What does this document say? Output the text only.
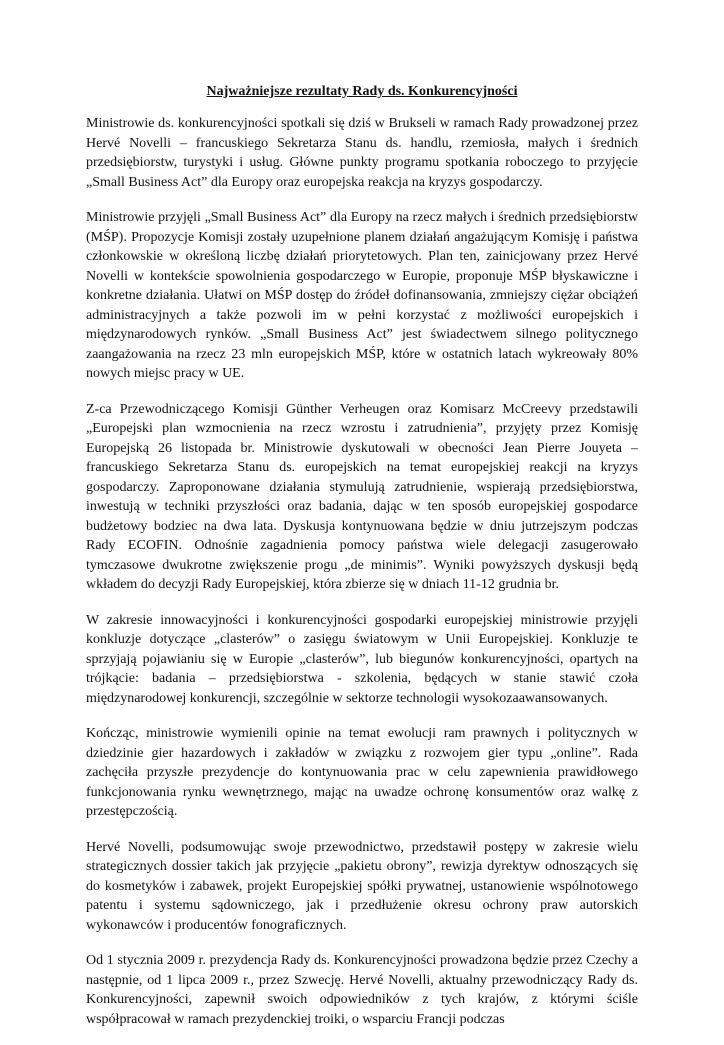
Najważniejsze rezultaty Rady ds. Konkurencyjności

Ministrowie ds. konkurencyjności spotkali się dziś w Brukseli w ramach Rady prowadzonej przez Hervé Novelli – francuskiego Sekretarza Stanu ds. handlu, rzemiosła, małych i średnich przedsiębiorstw, turystyki i usług. Główne punkty programu spotkania roboczego to przyjęcie „Small Business Act” dla Europy oraz europejska reakcja na kryzys gospodarczy.

Ministrowie przyjęli „Small Business Act” dla Europy na rzecz małych i średnich przedsiębiorstw (MŚP). Propozycje Komisji zostały uzupełnione planem działań angażującym Komisję i państwa członkowskie w określoną liczbę działań priorytetowych. Plan ten, zainicjowany przez Hervé Novelli w kontekście spowolnienia gospodarczego w Europie, proponuje MŚP błyskawiczne i konkretne działania. Ułatwi on MŚP dostęp do źródeł dofinansowania, zmniejszy ciężar obciążeń administracyjnych a także pozwoli im w pełni korzystać z możliwości europejskich i międzynarodowych rynków. „Small Business Act” jest świadectwem silnego politycznego zaangażowania na rzecz 23 mln europejskich MŚP, które w ostatnich latach wykreowały 80% nowych miejsc pracy w UE.

Z-ca Przewodniczącego Komisji Günther Verheugen oraz Komisarz McCreevy przedstawili „Europejski plan wzmocnienia na rzecz wzrostu i zatrudnienia”, przyjęty przez Komisję Europejską 26 listopada br. Ministrowie dyskutowali w obecności Jean Pierre Jouyeta – francuskiego Sekretarza Stanu ds. europejskich na temat europejskiej reakcji na kryzys gospodarczy. Zaproponowane działania stymulują zatrudnienie, wspierają przedsiębiorstwa, inwestują w techniki przyszłości oraz badania, dając w ten sposób europejskiej gospodarce budżetowy bodziec na dwa lata. Dyskusja kontynuowana będzie w dniu jutrzejszym podczas Rady ECOFIN. Odnośnie zagadnienia pomocy państwa wiele delegacji zasugerowało tymczasowe dwukrotne zwiększenie progu „de minimis”. Wyniki powyższych dyskusji będą wkładem do decyzji Rady Europejskiej, która zbierze się w dniach 11-12 grudnia br.

W zakresie innowacyjności i konkurencyjności gospodarki europejskiej ministrowie przyjęli konkluzje dotyczące „clasterów” o zasięgu światowym w Unii Europejskiej. Konkluzje te sprzyjają pojawianiu się w Europie „clasterów”, lub biegunów konkurencyjności, opartych na trójkącie: badania – przedsiębiorstwa - szkolenia, będących w stanie stawić czoła międzynarodowej konkurencji, szczególnie w sektorze technologii wysokozaawansowanych.

Kończąc, ministrowie wymienili opinie na temat ewolucji ram prawnych i politycznych w dziedzinie gier hazardowych i zakładów w związku z rozwojem gier typu „online”. Rada zachęciła przyszłe prezydencje do kontynuowania prac w celu zapewnienia prawidłowego funkcjonowania rynku wewnętrznego, mając na uwadze ochronę konsumentów oraz walkę z przestępczością.

Hervé Novelli, podsumowując swoje przewodnictwo, przedstawił postępy w zakresie wielu strategicznych dossier takich jak przyjęcie „pakietu obrony”, rewizja dyrektyw odnoszących się do kosmetyków i zabawek, projekt Europejskiej spółki prywatnej, ustanowienie wspólnotowego patentu i systemu sądowniczego, jak i przedłużenie okresu ochrony praw autorskich wykonawców i producentów fonograficznych.

Od 1 stycznia 2009 r. prezydencja Rady ds. Konkurencyjności prowadzona będzie przez Czechy a następnie, od 1 lipca 2009 r., przez Szwecję. Hervé Novelli, aktualny przewodniczący Rady ds. Konkurencyjności, zapewnił swoich odpowiedników z tych krajów, z którymi ściśle współpracował w ramach prezydenckiej troiki, o wsparciu Francji podczas
